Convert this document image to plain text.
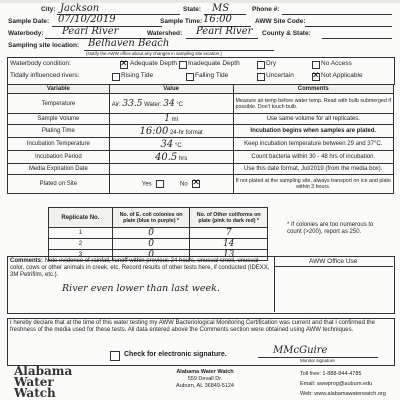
City: Jackson	State: MS	Phone #:
Sample Date: 07/10/2019	Sample Time: 16:00	AWW Site Code:
Waterbody: Pearl River	Watershed: Pearl River County & State:
Sampling site location: Belhaven Beach
(Notify the AWW office about any changes in sampling site location.)
Waterbody condition: ✕	Adequate Depth Inadequate Depth	Dry	No Access
Tidally influenced rivers:	Rising Tide	Falling Tide	Uncertain ✕	Not Applicable
Variable	Value	Comments
Temperature	Air: 33.5 Water: 34 °C	Measure air temp before water temp. Read with bulb submerged if possible. Don't touch bulb.
Sample Volume	1 ml	Use same volume for all replicates.
Plating Time	16:00 24-hr format	Incubation begins when samples are plated.
Incubation Temperature	34 °C	Keep incubation temperature between 29 and 37°C.
Incubation Period	40.5 hrs	Count bacteria within 30 - 48 hrs of incubation.
Media Expiration Date		Use this date format, Jul/2019 (from the media box).
Plated on Site	Yes No ✕	If not plated at the sampling site, always transport on ice and plate within 3 hours.
Replicate No.	No. of E. coli colonies on plate (blue to purple) *	No. of Other coliforms on plate (pink to dark red) *
1	0	7
2	0	14
3	0	13
* If colonies are too numerous to count (>200), report as 250.
Comments: Note evidence of rainfall, runoff within previous 24 hours, unusual smell, unusual color, cows or other animals in creek, etc. Record results of other tests here, if conducted (IDEXX, 3M Petrifilm, etc.).
River even lower than last week.
AWW Office Use
I hereby declare that at the time of this water testing my AWW Bacteriological Monitoring Certification was current and that I confirmed the freshness of the media used for these tests. All data entered above the Comments section were obtained using AWW techniques.
Check for electronic signature.	MMcGuire
Monitor signature
Alabama
Water
Watch
Alabama Water Watch
559 Devall Dr.
Auburn, AL 36849-5124
Toll free: 1-888-844-4785
Email: awwprog@auburn.edu
Web: www.alabamawaterwatch.org
